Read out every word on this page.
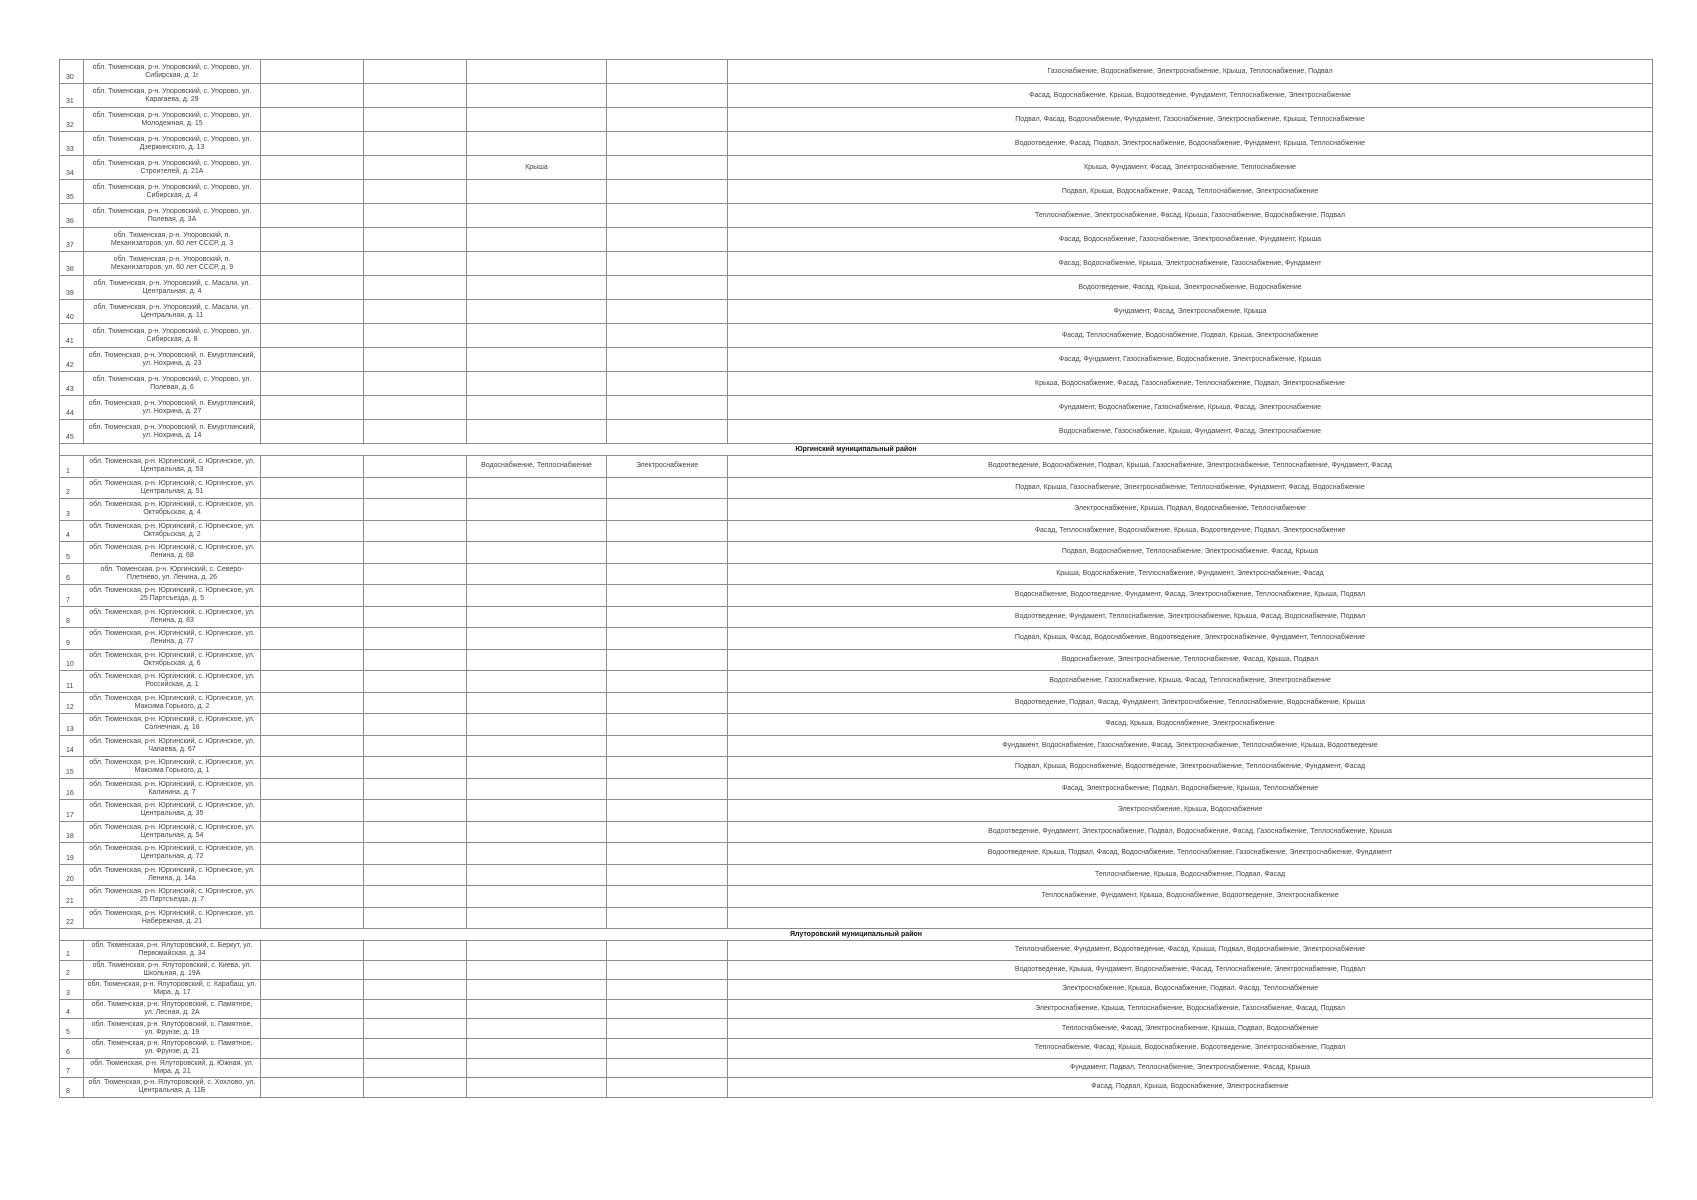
30	обл. Тюменская, р-н. Упоровский, с. Упорово, ул. Сибирская, д. 1г					Газоснабжение, Водоснабжение, Электроснабжение, Крыша, Теплоснабжение, Подвал
31	обл. Тюменская, р-н. Упоровский, с. Упорово, ул. Карагаева, д. 29					Фасад, Водоснабжение, Крыша, Водоотведение, Фундамент, Теплоснабжение, Электроснабжение
32	обл. Тюменская, р-н. Упоровский, с. Упорово, ул. Молодежная, д. 15					Подвал, Фасад, Водоснабжение, Фундамент, Газоснабжение, Электроснабжение, Крыша, Теплоснабжение
33	обл. Тюменская, р-н. Упоровский, с. Упорово, ул. Дзержинского, д. 13					Водоотведение, Фасад, Подвал, Электроснабжение, Водоснабжение, Фундамент, Крыша, Теплоснабжение
34	обл. Тюменская, р-н. Упоровский, с. Упорово, ул. Строителей, д. 21А			Крыша		Крыша, Фундамент, Фасад, Электроснабжение, Теплоснабжение
35	обл. Тюменская, р-н. Упоровский, с. Упорово, ул. Сибирская, д. 4					Подвал, Крыша, Водоснабжение, Фасад, Теплоснабжение, Электроснабжение
36	обл. Тюменская, р-н. Упоровский, с. Упорово, ул. Полевая, д. 3А					Теплоснабжение, Электроснабжение, Фасад, Крыша, Газоснабжение, Водоснабжение, Подвал
37	обл. Тюменская, р-н. Упоровский, п. Механизаторов, ул. 60 лет СССР, д. 3					Фасад, Водоснабжение, Газоснабжение, Электроснабжение, Фундамент, Крыша
38	обл. Тюменская, р-н. Упоровский, п. Механизаторов, ул. 60 лет СССР, д. 9					Фасад, Водоснабжение, Крыша, Электроснабжение, Газоснабжение, Фундамент
39	обл. Тюменская, р-н. Упоровский, с. Масали, ул. Центральная, д. 4					Водоотведение, Фасад, Крыша, Электроснабжение, Водоснабжение
40	обл. Тюменская, р-н. Упоровский, с. Масали, ул. Центральная, д. 11					Фундамент, Фасад, Электроснабжение, Крыша
41	обл. Тюменская, р-н. Упоровский, с. Упорово, ул. Сибирская, д. 8					Фасад, Теплоснабжение, Водоснабжение, Подвал, Крыша, Электроснабжение
42	обл. Тюменская, р-н. Упоровский, п. Емуртлинский, ул. Нохрина, д. 23					Фасад, Фундамент, Газоснабжение, Водоснабжение, Электроснабжение, Крыша
43	обл. Тюменская, р-н. Упоровский, с. Упорово, ул. Полевая, д. 6					Крыша, Водоснабжение, Фасад, Газоснабжение, Теплоснабжение, Подвал, Электроснабжение
44	обл. Тюменская, р-н. Упоровский, п. Емуртлинский, ул. Нохрина, д. 27					Фундамент, Водоснабжение, Газоснабжение, Крыша, Фасад, Электроснабжение
45	обл. Тюменская, р-н. Упоровский, п. Емуртлинский, ул. Нохрина, д. 14					Водоснабжение, Газоснабжение, Крыша, Фундамент, Фасад, Электроснабжение
Юргинский муниципальный район						
1	обл. Тюменская, р-н. Юргинский, с. Юргинское, ул. Центральная, д. 53			Водоснабжение, Теплоснабжение	Электроснабжение	Водоотведение, Водоснабжение, Подвал, Крыша, Газоснабжение, Электроснабжение, Теплоснабжение, Фундамент, Фасад
2	обл. Тюменская, р-н. Юргинский, с. Юргинское, ул. Центральная, д. 51					Подвал, Крыша, Газоснабжение, Электроснабжение, Теплоснабжение, Фундамент, Фасад, Водоснабжение
3	обл. Тюменская, р-н. Юргинский, с. Юргинское, ул. Октябрьская, д. 4					Электроснабжение, Крыша, Подвал, Водоснабжение, Теплоснабжение
4	обл. Тюменская, р-н. Юргинский, с. Юргинское, ул. Октябрьская, д. 2					Фасад, Теплоснабжение, Водоснабжение, Крыша, Водоотведение, Подвал, Электроснабжение
5	обл. Тюменская, р-н. Юргинский, с. Юргинское, ул. Ленина, д. 68					Подвал, Водоснабжение, Теплоснабжение, Электроснабжение, Фасад, Крыша
6	обл. Тюменская, р-н. Юргинский, с. Северо-Плетнево, ул. Ленина, д. 26					Крыша, Водоснабжение, Теплоснабжение, Фундамент, Электроснабжение, Фасад
7	обл. Тюменская, р-н. Юргинский, с. Юргинское, ул. 25 Партсъезда, д. 5					Водоснабжение, Водоотведение, Фундамент, Фасад, Электроснабжение, Теплоснабжение, Крыша, Подвал
8	обл. Тюменская, р-н. Юргинский, с. Юргинское, ул. Ленина, д. 83					Водоотведение, Фундамент, Теплоснабжение, Электроснабжение, Крыша, Фасад, Водоснабжение, Подвал
9	обл. Тюменская, р-н. Юргинский, с. Юргинское, ул. Ленина, д. 77					Подвал, Крыша, Фасад, Водоснабжение, Водоотведение, Электроснабжение, Фундамент, Теплоснабжение
10	обл. Тюменская, р-н. Юргинский, с. Юргинское, ул. Октябрьская, д. 6					Водоснабжение, Электроснабжение, Теплоснабжение, Фасад, Крыша, Подвал
11	обл. Тюменская, р-н. Юргинский, с. Юргинское, ул. Российская, д. 1					Водоснабжение, Газоснабжение, Крыша, Фасад, Теплоснабжение, Электроснабжение
12	обл. Тюменская, р-н. Юргинский, с. Юргинское, ул. Максима Горького, д. 2					Водоотведение, Подвал, Фасад, Фундамент, Электроснабжение, Теплоснабжение, Водоснабжение, Крыша
13	обл. Тюменская, р-н. Юргинский, с. Юргинское, ул. Солнечная, д. 18					Фасад, Крыша, Водоснабжение, Электроснабжение
14	обл. Тюменская, р-н. Юргинский, с. Юргинское, ул. Чапаева, д. 67					Фундамент, Водоснабжение, Газоснабжение, Фасад, Электроснабжение, Теплоснабжение, Крыша, Водоотведение
15	обл. Тюменская, р-н. Юргинский, с. Юргинское, ул. Максима Горького, д. 1					Подвал, Крыша, Водоснабжение, Водоотведение, Электроснабжение, Теплоснабжение, Фундамент, Фасад
16	обл. Тюменская, р-н. Юргинский, с. Юргинское, ул. Калинина, д. 7					Фасад, Электроснабжение, Подвал, Водоснабжение, Крыша, Теплоснабжение
17	обл. Тюменская, р-н. Юргинский, с. Юргинское, ул. Центральная, д. 35					Электроснабжение, Крыша, Водоснабжение
18	обл. Тюменская, р-н. Юргинский, с. Юргинское, ул. Центральная, д. 54					Водоотведение, Фундамент, Электроснабжение, Подвал, Водоснабжение, Фасад, Газоснабжение, Теплоснабжение, Крыша
19	обл. Тюменская, р-н. Юргинский, с. Юргинское, ул. Центральная, д. 72					Водоотведение, Крыша, Подвал, Фасад, Водоснабжение, Теплоснабжение, Газоснабжение, Электроснабжение, Фундамент
20	обл. Тюменская, р-н. Юргинский, с. Юргинское, ул. Ленина, д. 14а					Теплоснабжение, Крыша, Водоснабжение, Подвал, Фасад
21	обл. Тюменская, р-н. Юргинский, с. Юргинское, ул. 25 Партсъезда, д. 7					Теплоснабжение, Фундамент, Крыша, Водоснабжение, Водоотведение, Электроснабжение
22	обл. Тюменская, р-н. Юргинский, с. Юргинское, ул. Набережная, д. 21					
Ялуторовский муниципальный район						
1	обл. Тюменская, р-н. Ялуторовский, с. Беркут, ул. Первомайская, д. 34					Теплоснабжение, Фундамент, Водоотведение, Фасад, Крыша, Подвал, Водоснабжение, Электроснабжение
2	обл. Тюменская, р-н. Ялуторовский, с. Киева, ул. Школьная, д. 19А					Водоотведение, Крыша, Фундамент, Водоснабжение, Фасад, Теплоснабжение, Электроснабжение, Подвал
3	обл. Тюменская, р-н. Ялуторовский, с. Карабаш, ул. Мира, д. 17					Электроснабжение, Крыша, Водоснабжение, Подвал, Фасад, Теплоснабжение
4	обл. Тюменская, р-н. Ялуторовский, с. Памятное, ул. Лесная, д. 2А					Электроснабжение, Крыша, Теплоснабжение, Водоснабжение, Газоснабжение, Фасад, Подвал
5	обл. Тюменская, р-н. Ялуторовский, с. Памятное, ул. Фрунзе, д. 19					Теплоснабжение, Фасад, Электроснабжение, Крыша, Подвал, Водоснабжение
6	обл. Тюменская, р-н. Ялуторовский, с. Памятное, ул. Фрунзе, д. 21					Теплоснабжение, Фасад, Крыша, Водоснабжение, Водоотведение, Электроснабжение, Подвал
7	обл. Тюменская, р-н. Ялуторовский, д. Южная, ул. Мира, д. 21					Фундамент, Подвал, Теплоснабжение, Электроснабжение, Фасад, Крыша
8	обл. Тюменская, р-н. Ялуторовский, с. Хохлово, ул. Центральная, д. 11Б					Фасад, Подвал, Крыша, Водоснабжение, Электроснабжение
